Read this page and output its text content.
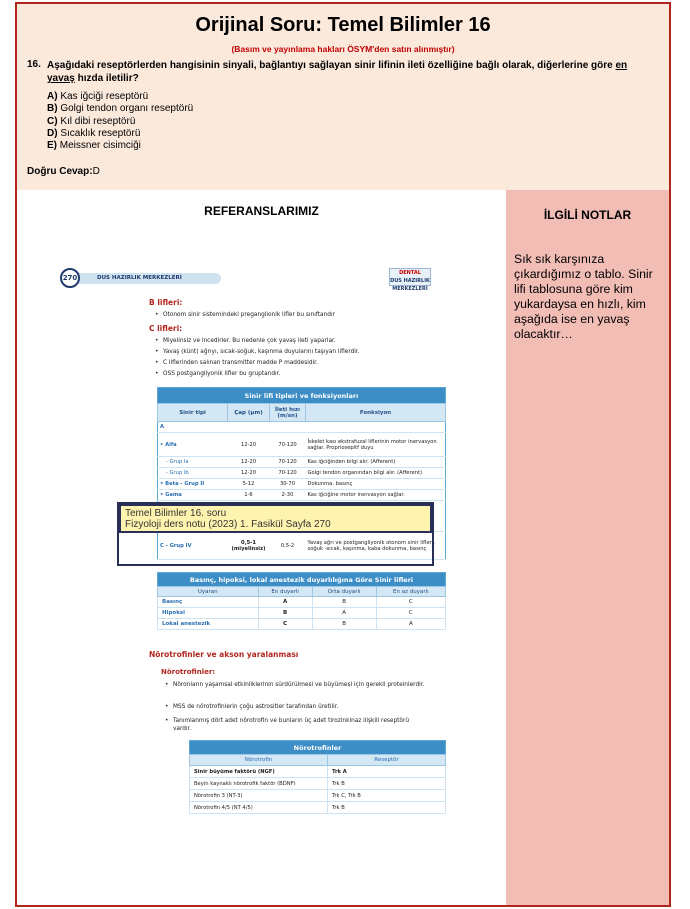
Orijinal Soru: Temel Bilimler 16
(Basım ve yayınlama hakları ÖSYM'den satın alınmıştır)
16. Aşağıdaki reseptörlerden hangisinin sinyali, bağlantıyı sağlayan sinir lifinin ileti özelliğine bağlı olarak, diğerlerine göre en yavaş hızda iletilir?
A) Kas iğciği reseptörü
B) Golgi tendon organı reseptörü
C) Kıl dibi reseptörü
D) Sıcaklık reseptörü
E) Meissner cisimciği
Doğru Cevap:D
REFERANSLARIMIZ
DUS HAZIRLIK MERKEZLERİ
270
DENTAL
DUS HAZIRLIK MERKEZLERİ
B lifleri:
• Otonom sinir sistemindeki preganglionik lifler bu sınıftandır
C lifleri:
• Miyelinsiz ve incedirler. Bu nedenle çok yavaş ileti yaparlar.
• Yavaş (künt) ağrıyı, sıcak-soğuk, kaşınma duyularını taşıyan liflerdir.
• C liflerinden salınan transmitter madde P maddesidir.
• OSS postgangliyonik lifler bu gruptandır.
Sinir lifi tipleri ve fonksiyonları			
Sinir tipi	Çap (μm)	İleti hızı (m/sn)	Fonksiyon
A			
• Alfa	12-20	70-120	İskelet kası ekstrafuzal liflerinin motor inervasyon sağlar. Propriosepitf duyu
- Grup Ia	12-20	70-120	Kas iğciğinden bilgi alır. (Afferent)
- Grup Ib	12-20	70-120	Golgi tendon organından bilgi alır. (Afferent)
• Beta - Grup II	5-12	30-70	Dokunma, basınç
• Gama	1-6	2-30	Kas iğciğine motor inervasyon sağlar.

C - Grup IV	0,5-1 (miyelinsiz)	0,5-2	Yavaş ağrı ve postgangliyonik otonom sinir lifleri, soğuk -sıcak, kaşınma, kaba dokunma, basınç
Temel Bilimler 16. soru
Fizyoloji ders notu (2023) 1. Fasikül Sayfa 270
Basınç, hipoksi, lokal anestezik duyarlılığına Göre Sinir lifleri			
Uyaran	En duyarlı	Orta duyarlı	En az duyarlı
Basınç	A	B	C
Hipoksi	B	A	C
Lokal anestezik	C	B	A
Nörotrofinler ve akson yaralanması
Nörotrofinler:
• Nöronların yaşamsal etkinliklerinin sürdürülmesi ve büyümesi için gerekli proteinlerdir.
• MSS de nörotrofinlerin çoğu astrositler tarafından üretilir.
• Tanımlanmış dört adet nörotrofin ve bunların üç adet tirozinkinaz ilişkili reseptörü vardır.
Nörotrofinler	
Nörotrofin	Reseptör
Sinir büyüme faktörü (NGF)	Trk A
Beyin kaynaklı nörotrofik faktör (BDNF)	Trk B
Nörotrofin 3 (NT-3)	Trk C, Trk B
Nörotrofin 4/5 (NT 4/5)	Trk B
İLGİLİ NOTLAR
Sık sık karşınıza çıkardığımız o tablo. Sinir lifi tablosuna göre kim yukardaysa en hızlı, kim aşağıda ise en yavaş olacaktır…
